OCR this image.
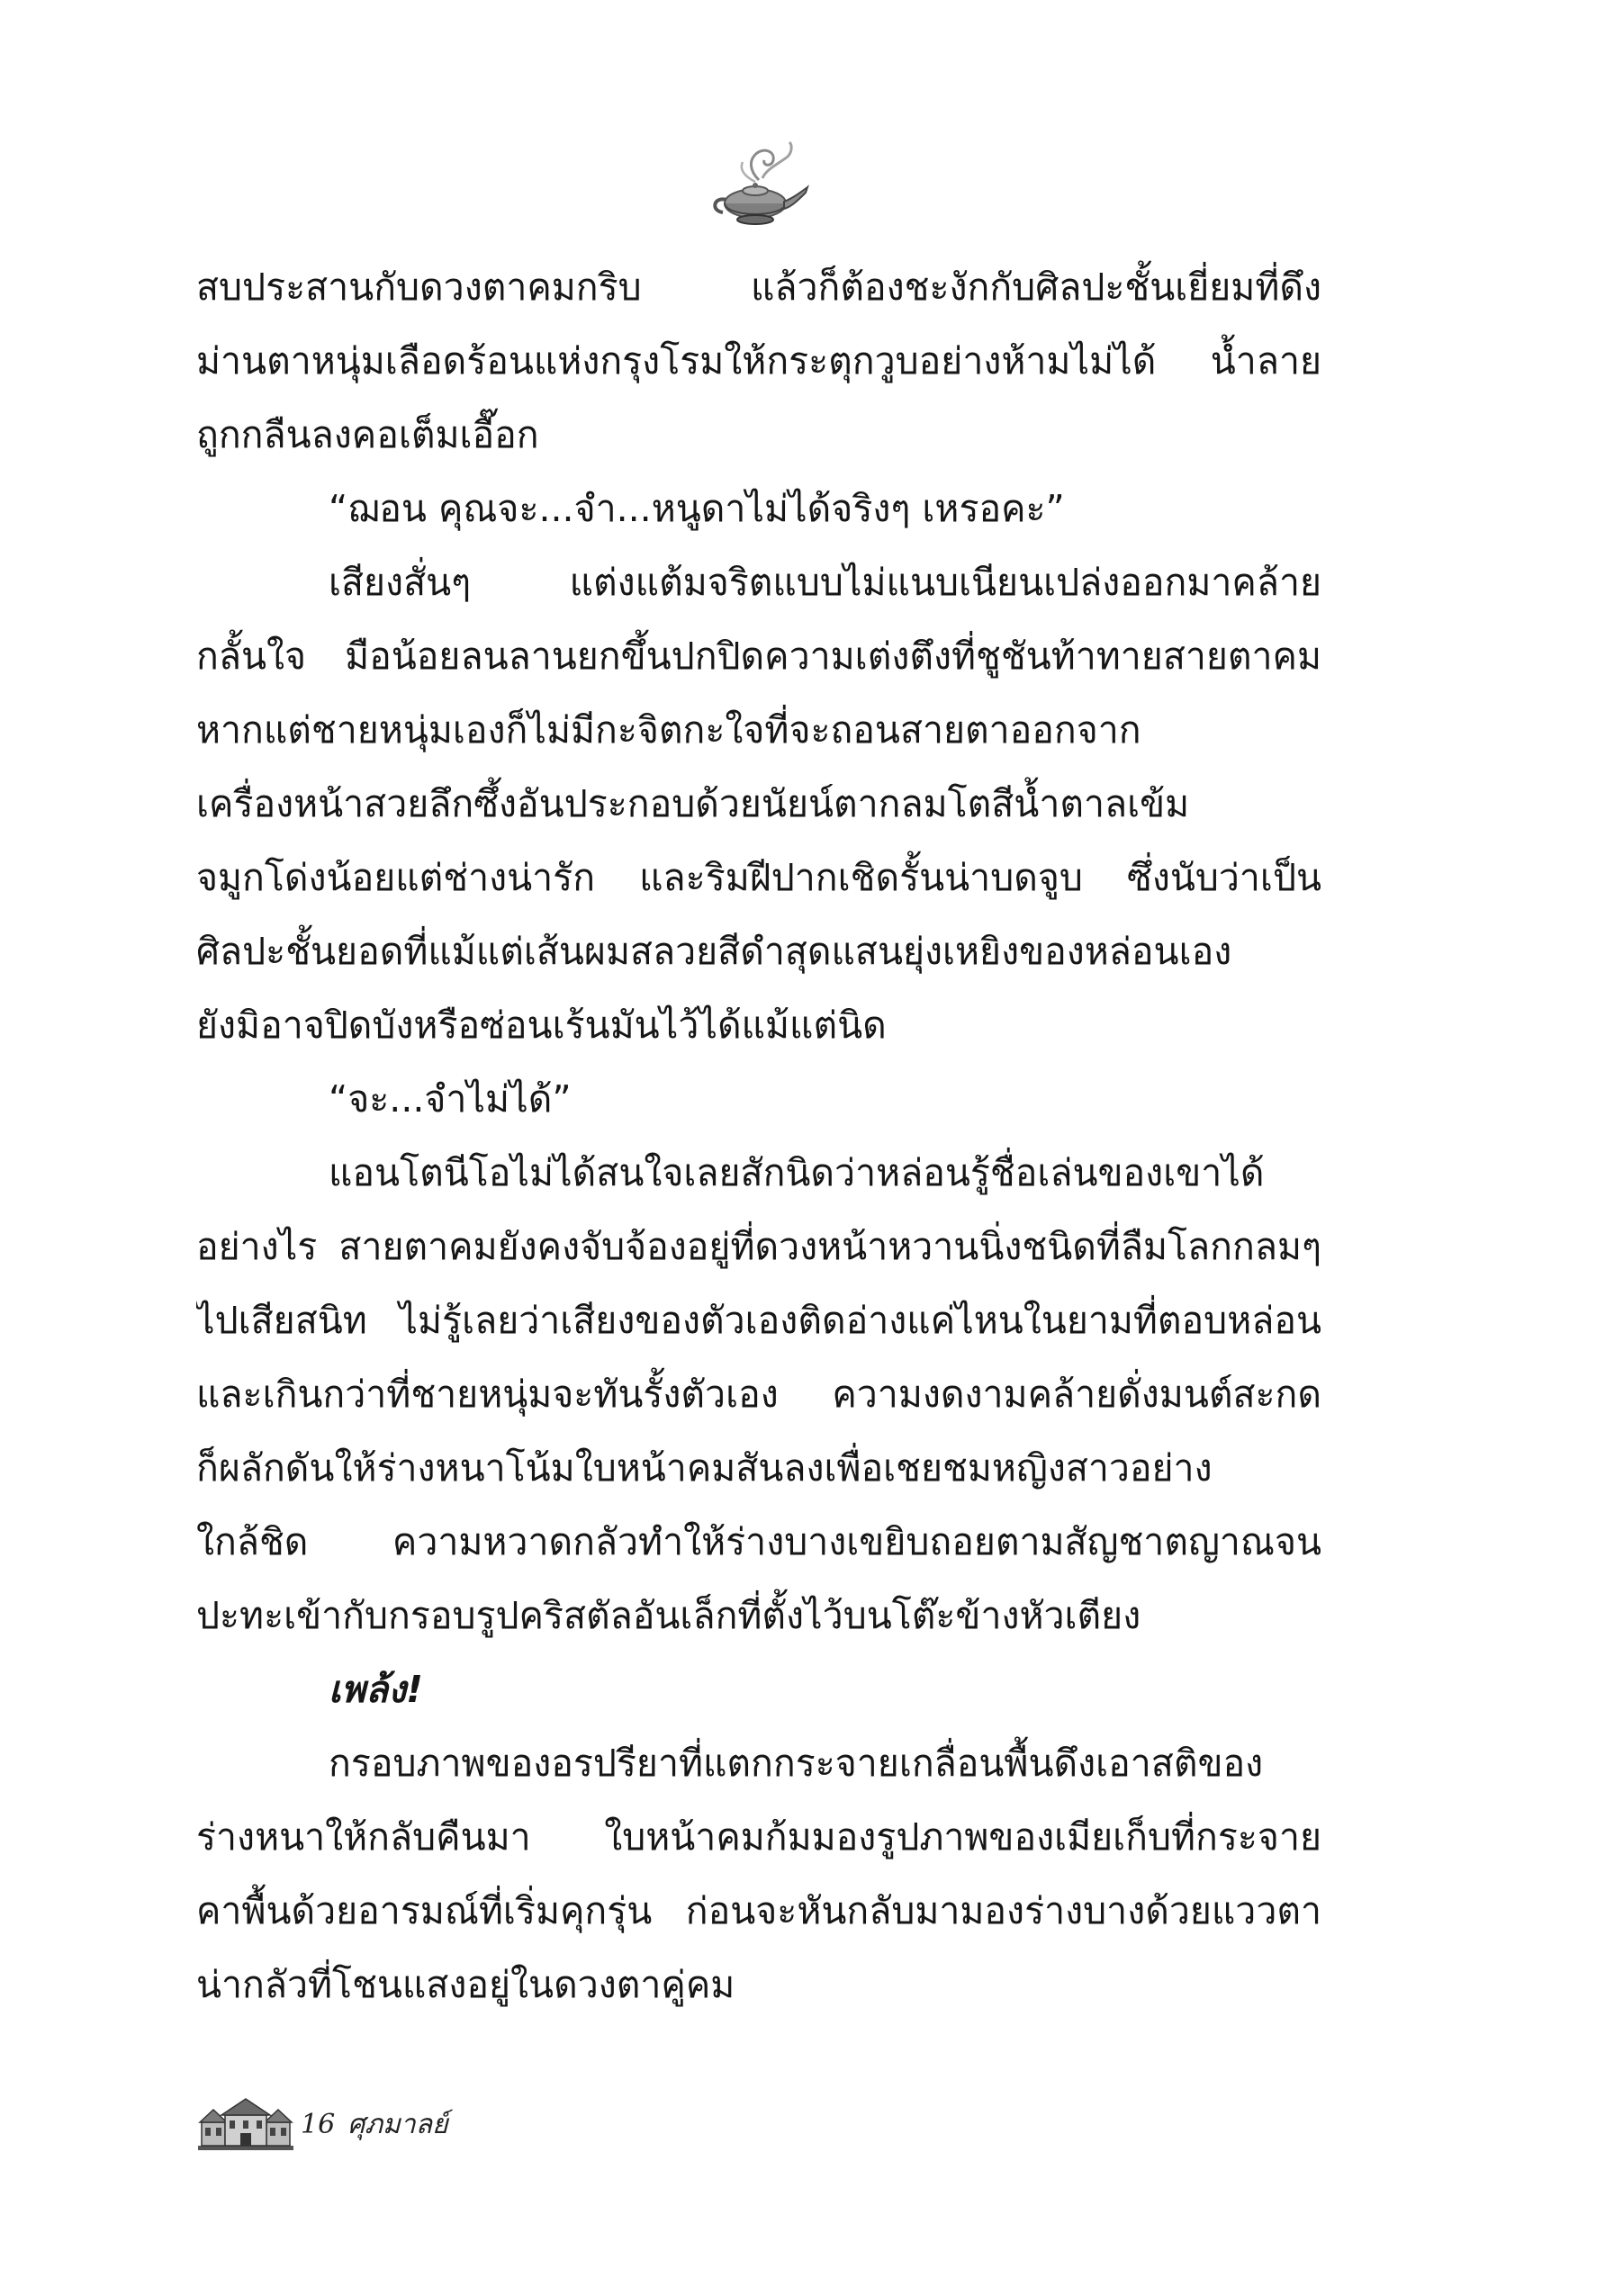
สบประสานกับดวงตาคมกริบ แล้วก็ต้องชะงักกับศิลปะชั้นเยี่ยมที่ดึง
ม่านตาหนุ่มเลือดร้อนแห่งกรุงโรมให้กระตุกวูบอย่างห้ามไม่ได้ น้ำลาย
ถูกกลืนลงคอเต็มเอื๊อก
“ฌอน คุณจะ...จำ...หนูดาไม่ได้จริงๆ เหรอคะ”
เสียงสั่นๆ แต่งแต้มจริตแบบไม่แนบเนียนเปล่งออกมาคล้าย
กลั้นใจ มือน้อยลนลานยกขึ้นปกปิดความเต่งตึงที่ชูชันท้าทายสายตาคม
หากแต่ชายหนุ่มเองก็ไม่มีกะจิตกะใจที่จะถอนสายตาออกจาก
เครื่องหน้าสวยลึกซึ้งอันประกอบด้วยนัยน์ตากลมโตสีน้ำตาลเข้ม
จมูกโด่งน้อยแต่ช่างน่ารัก และริมฝีปากเชิดรั้นน่าบดจูบ ซึ่งนับว่าเป็น
ศิลปะชั้นยอดที่แม้แต่เส้นผมสลวยสีดำสุดแสนยุ่งเหยิงของหล่อนเอง
ยังมิอาจปิดบังหรือซ่อนเร้นมันไว้ได้แม้แต่นิด
“จะ...จำไม่ได้”
แอนโตนีโอไม่ได้สนใจเลยสักนิดว่าหล่อนรู้ชื่อเล่นของเขาได้
อย่างไร สายตาคมยังคงจับจ้องอยู่ที่ดวงหน้าหวานนิ่งชนิดที่ลืมโลกกลมๆ
ไปเสียสนิท ไม่รู้เลยว่าเสียงของตัวเองติดอ่างแค่ไหนในยามที่ตอบหล่อน
และเกินกว่าที่ชายหนุ่มจะทันรั้งตัวเอง ความงดงามคล้ายดั่งมนต์สะกด
ก็ผลักดันให้ร่างหนาโน้มใบหน้าคมสันลงเพื่อเชยชมหญิงสาวอย่าง
ใกล้ชิด ความหวาดกลัวทำให้ร่างบางเขยิบถอยตามสัญชาตญาณจน
ปะทะเข้ากับกรอบรูปคริสตัลอันเล็กที่ตั้งไว้บนโต๊ะข้างหัวเตียง
เพล้ง!
กรอบภาพของอรปรียาที่แตกกระจายเกลื่อนพื้นดึงเอาสติของ
ร่างหนาให้กลับคืนมา ใบหน้าคมก้มมองรูปภาพของเมียเก็บที่กระจาย
คาพื้นด้วยอารมณ์ที่เริ่มคุกรุ่น ก่อนจะหันกลับมามองร่างบางด้วยแววตา
น่ากลัวที่โชนแสงอยู่ในดวงตาคู่คม
16 ศุภมาลย์
